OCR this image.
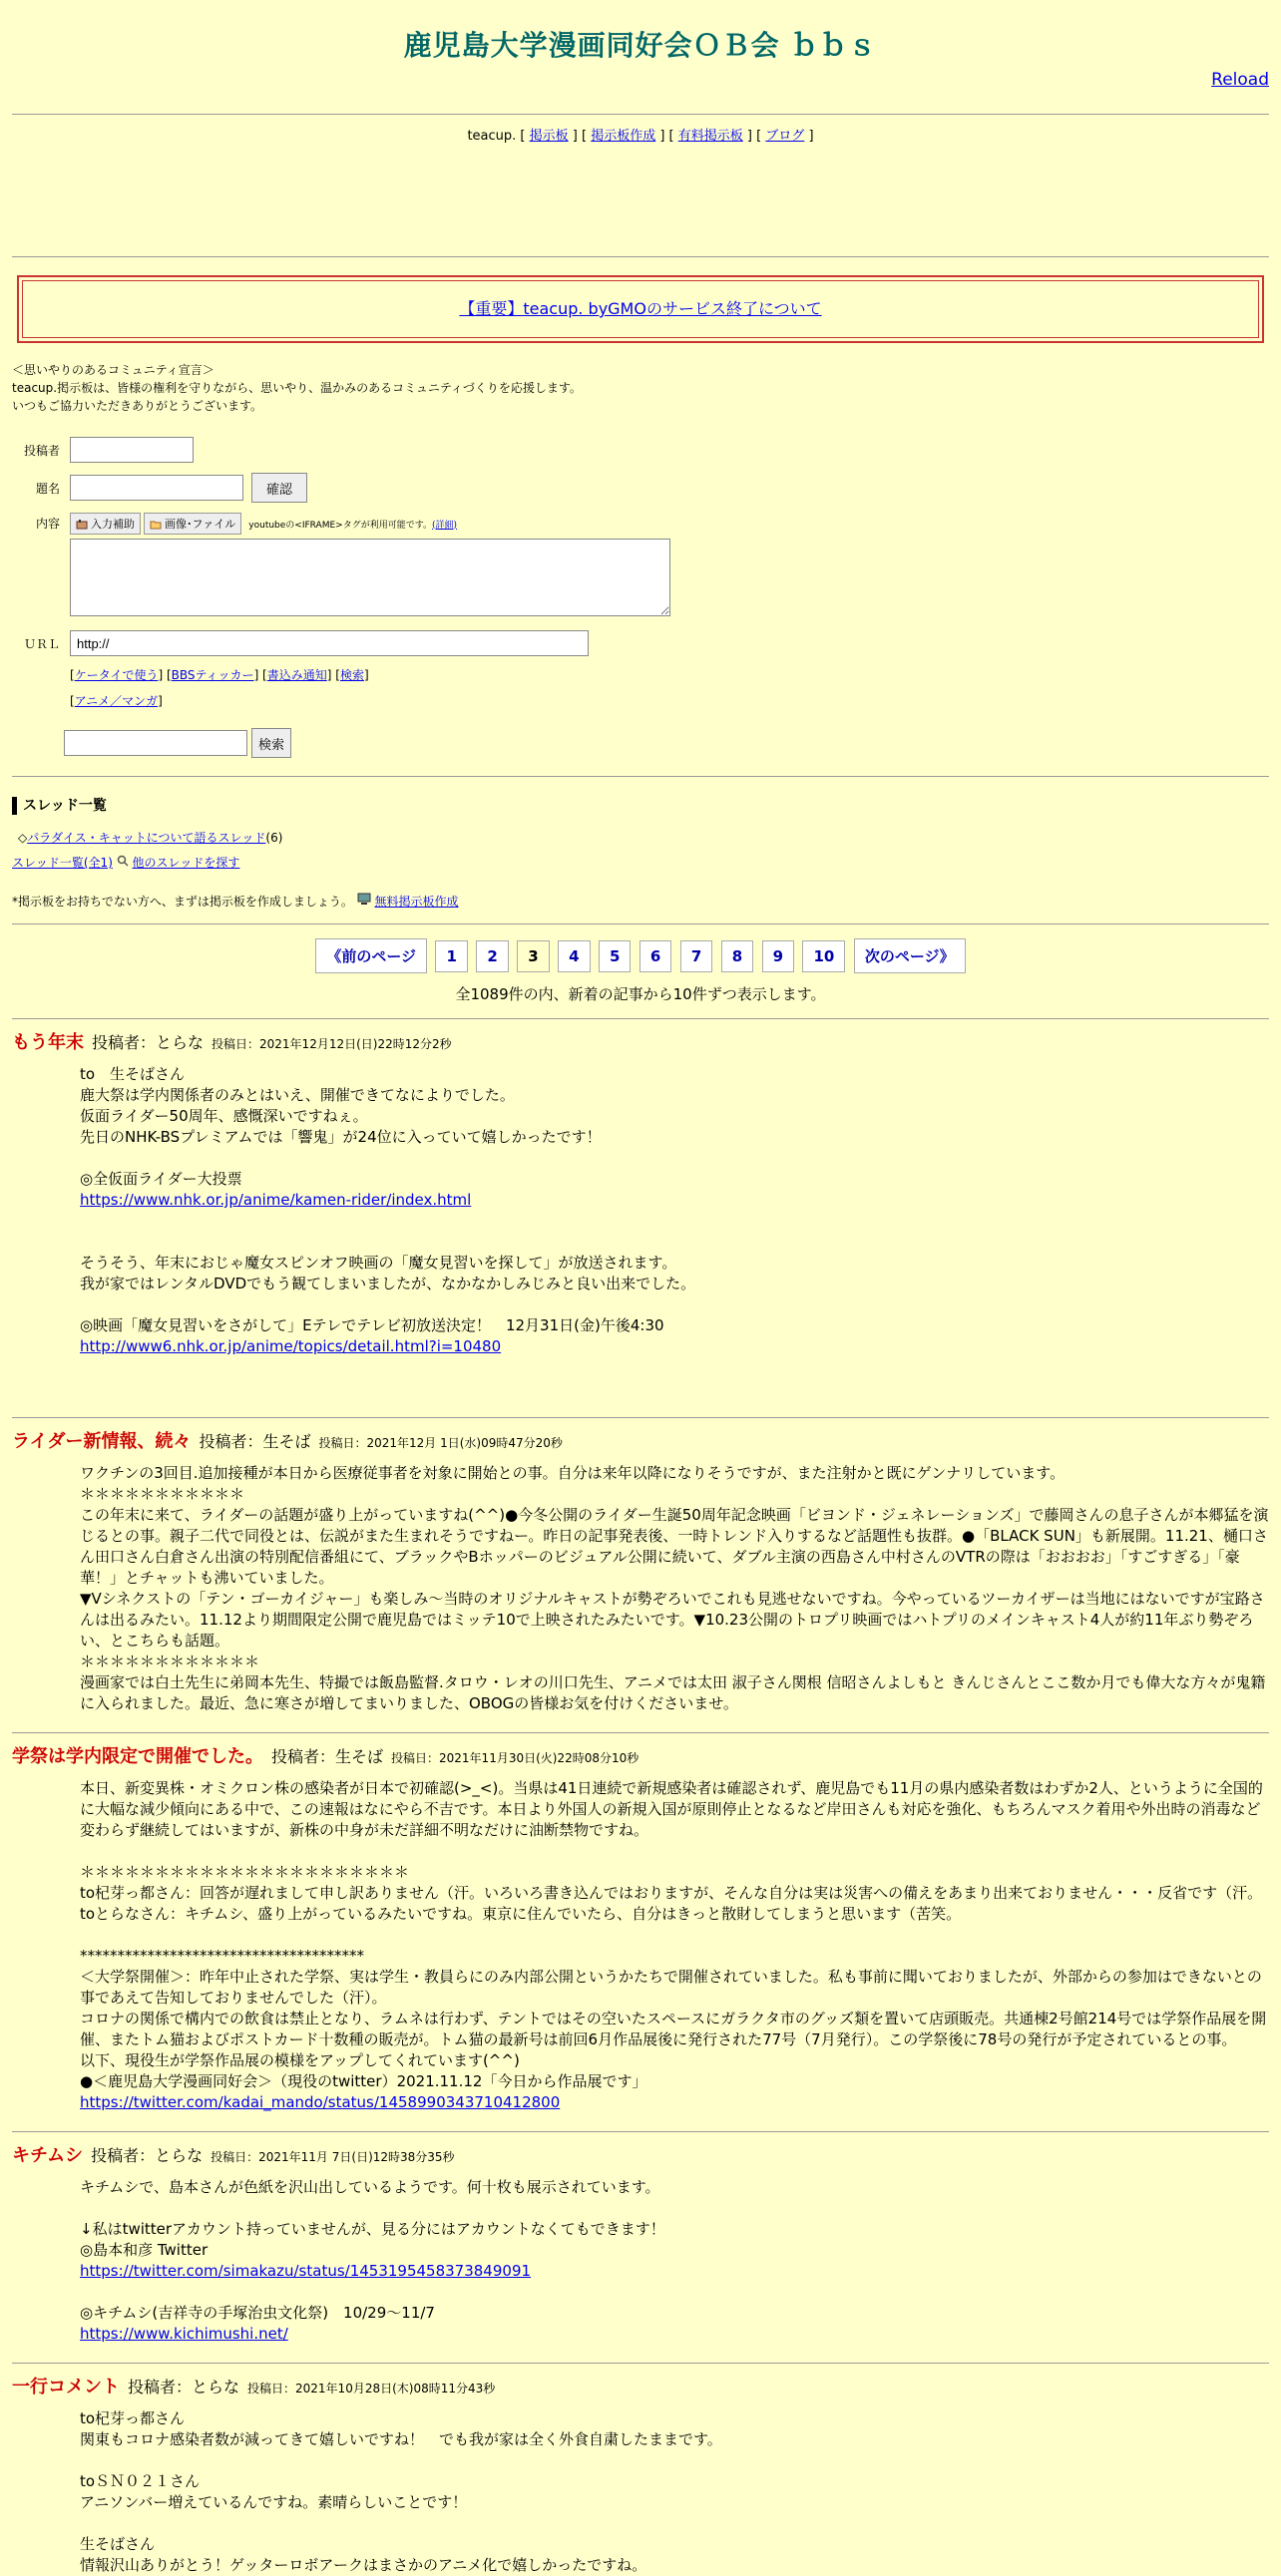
鹿児島大学漫画同好会ＯＢ会 ｂｂｓ
Reload
teacup. [ 掲示板 ] [ 掲示板作成 ] [ 有料掲示板 ] [ ブログ ]
【重要】teacup. byGMOのサービス終了について
＜思いやりのあるコミュニティ宣言＞
teacup.掲示板は、皆様の権利を守りながら、思いやり、温かみのあるコミュニティづくりを応援します。
いつもご協力いただきありがとうございます。
投稿者
題名	確認
内容	入力補助	画像･ファイル youtubeの<IFRAME>タグが利用可能です。 (詳細)
ＵＲＬ
http://
[ケータイで使う] [BBSティッカー] [書込み通知] [検索]
[アニメ／マンガ]
検索
スレッド一覧
◇パラダイス・キャットについて語るスレッド(6)
スレッド一覧(全1) 他のスレッドを探す
*掲示板をお持ちでない方へ、まずは掲示板を作成しましょう。 無料掲示板作成
《前のページ 1 2 3 4 5 6 7 8 9 10 次のページ》
全1089件の内、新着の記事から10件ずつ表示します。
もう年末 投稿者：とらな 投稿日：2021年12月12日(日)22時12分2秒

to　生そばさん

鹿大祭は学内関係者のみとはいえ、開催できてなによりでした。

仮面ライダー50周年、感慨深いですねぇ。

先日のNHK-BSプレミアムでは「響鬼」が24位に入っていて嬉しかったです！

◎全仮面ライダー大投票

https://www.nhk.or.jp/anime/kamen-rider/index.html

そうそう、年末におじゃ魔女スピンオフ映画の「魔女見習いを探して」が放送されます。

我が家ではレンタルDVDでもう観てしまいましたが、なかなかしみじみと良い出来でした。

◎映画「魔女見習いをさがして」Eテレでテレビ初放送決定！　12月31日(金)午後4:30

http://www6.nhk.or.jp/anime/topics/detail.html?i=10480

ライダー新情報、続々 投稿者：生そば 投稿日：2021年12月 1日(水)09時47分20秒

ワクチンの3回目.追加接種が本日から医療従事者を対象に開始との事。自分は来年以降になりそうですが、また注射かと既にゲンナリしています。

＊＊＊＊＊＊＊＊＊＊＊

この年末に来て、ライダーの話題が盛り上がっていますね(^^)●今冬公開のライダー生誕50周年記念映画「ビヨンド・ジェネレーションズ」で藤岡さんの息子さんが本郷猛を演じるとの事。親子二代で同役とは、伝説がまた生まれそうですねー。昨日の記事発表後、一時トレンド入りするなど話題性も抜群。●「BLACK SUN」も新展開。11.21、樋口さん田口さん白倉さん出演の特別配信番組にて、ブラックやBホッパーのビジュアル公開に続いて、ダブル主演の西島さん中村さんのVTRの際は「おおおお」「すごすぎる」「豪華！」とチャットも沸いていました。

▼Vシネクストの「テン・ゴーカイジャー」も楽しみ～当時のオリジナルキャストが勢ぞろいでこれも見逃せないですね。今やっているツーカイザーは当地にはないですが宝路さんは出るみたい。11.12より期間限定公開で鹿児島ではミッテ10で上映されたみたいです。▼10.23公開のトロプリ映画ではハトプリのメインキャスト4人が約11年ぶり勢ぞろい、とこちらも話題。

＊＊＊＊＊＊＊＊＊＊＊＊

漫画家では白土先生に弟岡本先生、特撮では飯島監督.タロウ・レオの川口先生、アニメでは太田 淑子さん関根 信昭さんよしもと きんじさんとここ数か月でも偉大な方々が鬼籍に入られました。最近、急に寒さが増してまいりました、OBOGの皆様お気を付けくださいませ。

学祭は学内限定で開催でした。 投稿者：生そば 投稿日：2021年11月30日(火)22時08分10秒

本日、新変異株・オミクロン株の感染者が日本で初確認(>_<)。当県は41日連続で新規感染者は確認されず、鹿児島でも11月の県内感染者数はわずか2人、というように全国的に大幅な減少傾向にある中で、この速報はなにやら不吉です。本日より外国人の新規入国が原則停止となるなど岸田さんも対応を強化、もちろんマスク着用や外出時の消毒など変わらず継続してはいますが、新株の中身が未だ詳細不明なだけに油断禁物ですね。

＊＊＊＊＊＊＊＊＊＊＊＊＊＊＊＊＊＊＊＊＊＊

to杞芽っ都さん：回答が遅れまして申し訳ありません（汗。いろいろ書き込んではおりますが、そんな自分は実は災害への備えをあまり出来ておりません・・・反省です（汗。

toとらなさん：キチムシ、盛り上がっているみたいですね。東京に住んでいたら、自分はきっと散財してしまうと思います（苦笑。

**************************************

＜大学祭開催＞：昨年中止された学祭、実は学生・教員らにのみ内部公開というかたちで開催されていました。私も事前に聞いておりましたが、外部からの参加はできないとの事であえて告知しておりませんでした（汗）。

コロナの関係で構内での飲食は禁止となり、ラムネは行わず、テントではその空いたスペースにガラクタ市のグッズ類を置いて店頭販売。共通棟2号館214号では学祭作品展を開催、またトム猫およびポストカード十数種の販売が。トム猫の最新号は前回6月作品展後に発行された77号（7月発行）。この学祭後に78号の発行が予定されているとの事。

以下、現役生が学祭作品展の模様をアップしてくれています(^^)

●＜鹿児島大学漫画同好会＞（現役のtwitter）2021.11.12「今日から作品展です」

https://twitter.com/kadai_mando/status/1458990343710412800

キチムシ 投稿者：とらな 投稿日：2021年11月 7日(日)12時38分35秒

キチムシで、島本さんが色紙を沢山出しているようです。何十枚も展示されています。

↓私はtwitterアカウント持っていませんが、見る分にはアカウントなくてもできます！

◎島本和彦 Twitter

https://twitter.com/simakazu/status/1453195458373849091

◎キチムシ(吉祥寺の手塚治虫文化祭)　10/29～11/7

https://www.kichimushi.net/

一行コメント 投稿者：とらな 投稿日：2021年10月28日(木)08時11分43秒

to杞芽っ都さん

関東もコロナ感染者数が減ってきて嬉しいですね！　でも我が家は全く外食自粛したままです。

toＳＮ０２１さん

アニソンバー増えているんですね。素晴らしいことです！

生そばさん

情報沢山ありがとう！ゲッターロボアークはまさかのアニメ化で嬉しかったですね。
